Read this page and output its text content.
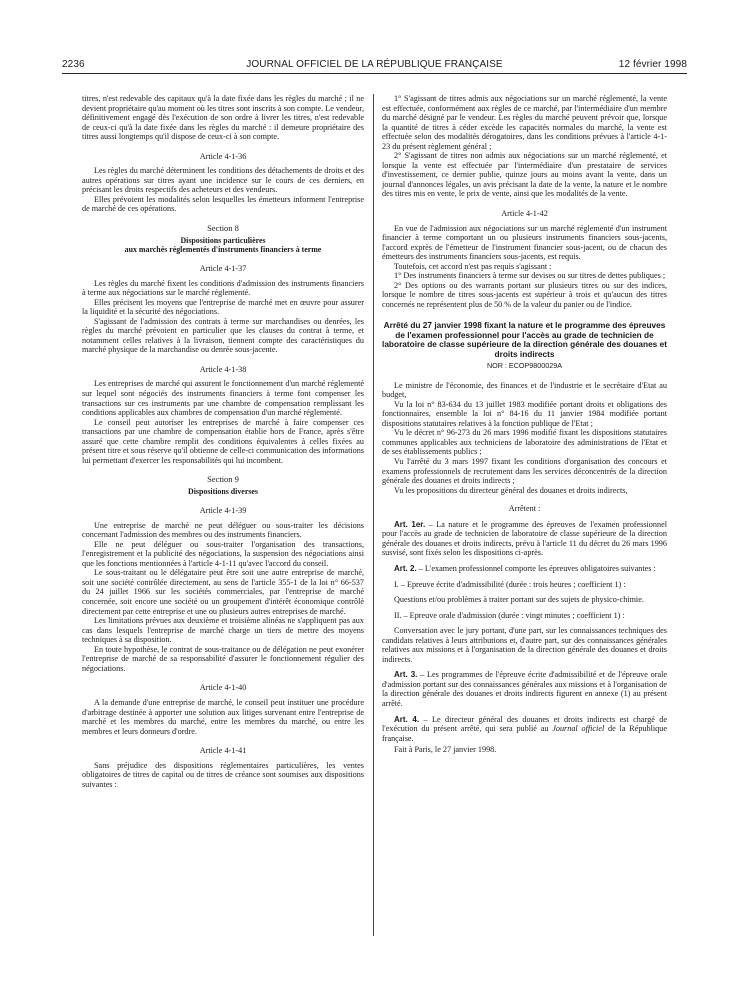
2236	JOURNAL OFFICIEL DE LA RÉPUBLIQUE FRANÇAISE	12 février 1998

titres, n'est redevable des capitaux qu'à la date fixée dans les règles du marché ; il ne devient propriétaire qu'au moment où les titres sont inscrits à son compte. Le vendeur, définitivement engagé dès l'exécution de son ordre à livrer les titres, n'est redevable de ceux-ci qu'à la date fixée dans les règles du marché : il demeure propriétaire des titres aussi longtemps qu'il dispose de ceux-ci à son compte.

Article 4-1-36

Les règles du marché déterminent les conditions des détachements de droits et des autres opérations sur titres ayant une incidence sur le cours de ces derniers, en précisant les droits respectifs des acheteurs et des vendeurs.

Elles prévoient les modalités selon lesquelles les émetteurs informent l'entreprise de marché de ces opérations.

Section 8
Dispositions particulières
aux marchés réglementés d'instruments financiers à terme
Article 4-1-37

Les règles du marché fixent les conditions d'admission des instruments financiers à terme aux négociations sur le marché réglementé.

Elles précisent les moyens que l'entreprise de marché met en œuvre pour assurer la liquidité et la sécurité des négociations.

S'agissant de l'admission des contrats à terme sur marchandises ou denrées, les règles du marché prévoient en particulier que les clauses du contrat à terme, et notamment celles relatives à la livraison, tiennent compte des caractéristiques du marché physique de la marchandise ou denrée sous-jacente.

Article 4-1-38

Les entreprises de marché qui assurent le fonctionnement d'un marché réglementé sur lequel sont négociés des instruments financiers à terme font compenser les transactions sur ces instruments par une chambre de compensation remplissant les conditions applicables aux chambres de compensation d'un marché réglementé.

Le conseil peut autoriser les entreprises de marché à faire compenser ces transactions par une chambre de compensation établie hors de France, après s'être assuré que cette chambre remplit des conditions équivalentes à celles fixées au présent titre et sous réserve qu'il obtienne de celle-ci communication des informations lui permettant d'exercer les responsabilités qui lui incombent.

Section 9
Dispositions diverses
Article 4-1-39

Une entreprise de marché ne peut déléguer ou sous-traiter les décisions concernant l'admission des membres ou des instruments financiers.

Elle ne peut déléguer ou sous-traiter l'organisation des transactions, l'enregistrement et la publicité des négociations, la suspension des négociations ainsi que les fonctions mentionnées à l'article 4-1-11 qu'avec l'accord du conseil.

Le sous-traitant ou le délégataire peut être soit une autre entreprise de marché, soit une société contrôlée directement, au sens de l'article 355-1 de la loi n° 66-537 du 24 juillet 1966 sur les sociétés commerciales, par l'entreprise de marché concernée, soit encore une société ou un groupement d'intérêt économique contrôlé directement par cette entreprise et une ou plusieurs autres entreprises de marché.

Les limitations prévues aux deuxième et troisième alinéas ne s'appliquent pas aux cas dans lesquels l'entreprise de marché charge un tiers de mettre des moyens techniques à sa disposition.

En toute hypothèse, le contrat de sous-traitance ou de délégation ne peut exonérer l'entreprise de marché de sa responsabilité d'assurer le fonctionnement régulier des négociations.

Article 4-1-40

A la demande d'une entreprise de marché, le conseil peut instituer une procédure d'arbitrage destinée à apporter une solution aux litiges survenant entre l'entreprise de marché et les membres du marché, entre les membres du marché, ou entre les membres et leurs donneurs d'ordre.

Article 4-1-41

Sans préjudice des dispositions réglementaires particulières, les ventes obligatoires de titres de capital ou de titres de créance sont soumises aux dispositions suivantes :

1° S'agissant de titres admis aux négociations sur un marché réglementé, la vente est effectuée, conformément aux règles de ce marché, par l'intermédiaire d'un membre du marché désigné par le vendeur. Les règles du marché peuvent prévoir que, lorsque la quantité de titres à céder excède les capacités normales du marché, la vente est effectuée selon des modalités dérogatoires, dans les conditions prévues à l'article 4-1-23 du présent règlement général ;

2° S'agissant de titres non admis aux négociations sur un marché réglementé, et lorsque la vente est effectuée par l'intermédiaire d'un prestataire de services d'investissement, ce dernier publie, quinze jours au moins avant la vente, dans un journal d'annonces légales, un avis précisant la date de la vente, la nature et le nombre des titres mis en vente, le prix de vente, ainsi que les modalités de la vente.

Article 4-1-42

En vue de l'admission aux négociations sur un marché réglementé d'un instrument financier à terme comportant un ou plusieurs instruments financiers sous-jacents, l'accord exprès de l'émetteur de l'instrument financier sous-jacent, ou de chacun des émetteurs des instruments financiers sous-jacents, est requis.

Toutefois, cet accord n'est pas requis s'agissant :

1° Des instruments financiers à terme sur devises ou sur titres de dettes publiques ;

2° Des options ou des warrants portant sur plusieurs titres ou sur des indices, lorsque le nombre de titres sous-jacents est supérieur à trois et qu'aucun des titres concernés ne représentent plus de 50 % de la valeur du panier ou de l'indice.

Arrêté du 27 janvier 1998 fixant la nature et le programme des épreuves de l'examen professionnel pour l'accès au grade de technicien de laboratoire de classe supérieure de la direction générale des douanes et droits indirects
NOR : ECOP9800029A

Le ministre de l'économie, des finances et de l'industrie et le secrétaire d'Etat au budget,

Vu la loi n° 83-634 du 13 juillet 1983 modifiée portant droits et obligations des fonctionnaires, ensemble la loi n° 84-16 du 11 janvier 1984 modifiée portant dispositions statutaires relatives à la fonction publique de l'Etat ;

Vu le décret n° 96-273 du 26 mars 1996 modifié fixant les dispositions statutaires communes applicables aux techniciens de laboratoire des administrations de l'Etat et de ses établissements publics ;

Vu l'arrêté du 3 mars 1997 fixant les conditions d'organisation des concours et examens professionnels de recrutement dans les services déconcentrés de la direction générale des douanes et droits indirects ;

Vu les propositions du directeur général des douanes et droits indirects,

Arrêtent :

Art. 1er. – La nature et le programme des épreuves de l'examen professionnel pour l'accès au grade de technicien de laboratoire de classe supérieure de la direction générale des douanes et droits indirects, prévu à l'article 11 du décret du 26 mars 1996 susvisé, sont fixés selon les dispositions ci-après.

Art. 2. – L'examen professionnel comporte les épreuves obligatoires suivantes :

I. – Epreuve écrite d'admissibilité (durée : trois heures ; coefficient 1) :

Questions et/ou problèmes à traiter portant sur des sujets de physico-chimie.

II. – Epreuve orale d'admission (durée : vingt minutes ; coefficient 1) :

Conversation avec le jury portant, d'une part, sur les connaissances techniques des candidats relatives à leurs attributions et, d'autre part, sur des connaissances générales relatives aux missions et à l'organisation de la direction générale des douanes et droits indirects.

Art. 3. – Les programmes de l'épreuve écrite d'admissibilité et de l'épreuve orale d'admission portant sur des connaissances générales aux missions et à l'organisation de la direction générale des douanes et droits indirects figurent en annexe (1) au présent arrêté.

Art. 4. – Le directeur général des douanes et droits indirects est chargé de l'exécution du présent arrêté, qui sera publié au Journal officiel de la République française.

Fait à Paris, le 27 janvier 1998.
